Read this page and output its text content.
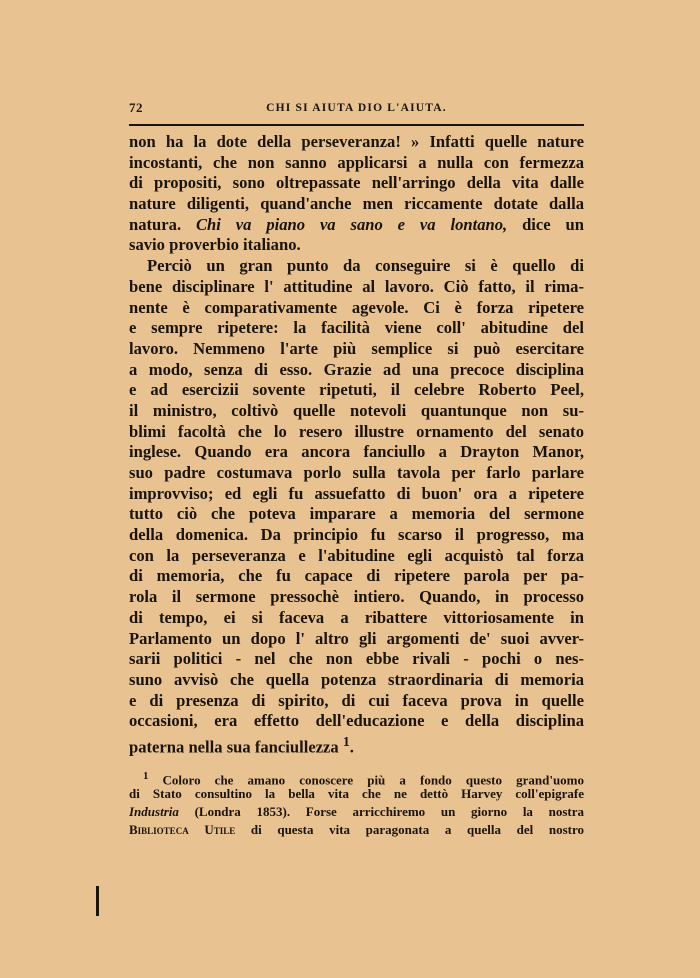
72	CHI SI AIUTA DIO L'AIUTA.
non ha la dote della perseveranza! » Infatti quelle nature
incostanti, che non sanno applicarsi a nulla con fermezza
di propositi, sono oltrepassate nell'arringo della vita dalle
nature diligenti, quand'anche men riccamente dotate dalla
natura. Chi va piano va sano e va lontano, dice un
savio proverbio italiano.
Perciò un gran punto da conseguire si è quello di
bene disciplinare l' attitudine al lavoro. Ciò fatto, il rima-
nente è comparativamente agevole. Ci è forza ripetere
e sempre ripetere: la facilità viene coll' abitudine del
lavoro. Nemmeno l'arte più semplice si può esercitare
a modo, senza di esso. Grazie ad una precoce disciplina
e ad esercizii sovente ripetuti, il celebre Roberto Peel,
il ministro, coltivò quelle notevoli quantunque non su-
blimi facoltà che lo resero illustre ornamento del senato
inglese. Quando era ancora fanciullo a Drayton Manor,
suo padre costumava porlo sulla tavola per farlo parlare
improvviso; ed egli fu assuefatto di buon' ora a ripetere
tutto ciò che poteva imparare a memoria del sermone
della domenica. Da principio fu scarso il progresso, ma
con la perseveranza e l'abitudine egli acquistò tal forza
di memoria, che fu capace di ripetere parola per pa-
rola il sermone pressochè intiero. Quando, in processo
di tempo, ei si faceva a ribattere vittoriosamente in
Parlamento un dopo l' altro gli argomenti de' suoi avver-
sarii politici - nel che non ebbe rivali - pochi o nes-
suno avvisò che quella potenza straordinaria di memoria
e di presenza di spirito, di cui faceva prova in quelle
occasioni, era effetto dell'educazione e della disciplina
paterna nella sua fanciullezza $^1$.
$^1$ Coloro che amano conoscere più a fondo questo grand'uomo
di Stato consultino la bella vita che ne dettò Harvey coll'epigrafe
Industria (Londra 1853). Forse arricchiremo un giorno la nostra
Biblioteca Utile di questa vita paragonata a quella del nostro
